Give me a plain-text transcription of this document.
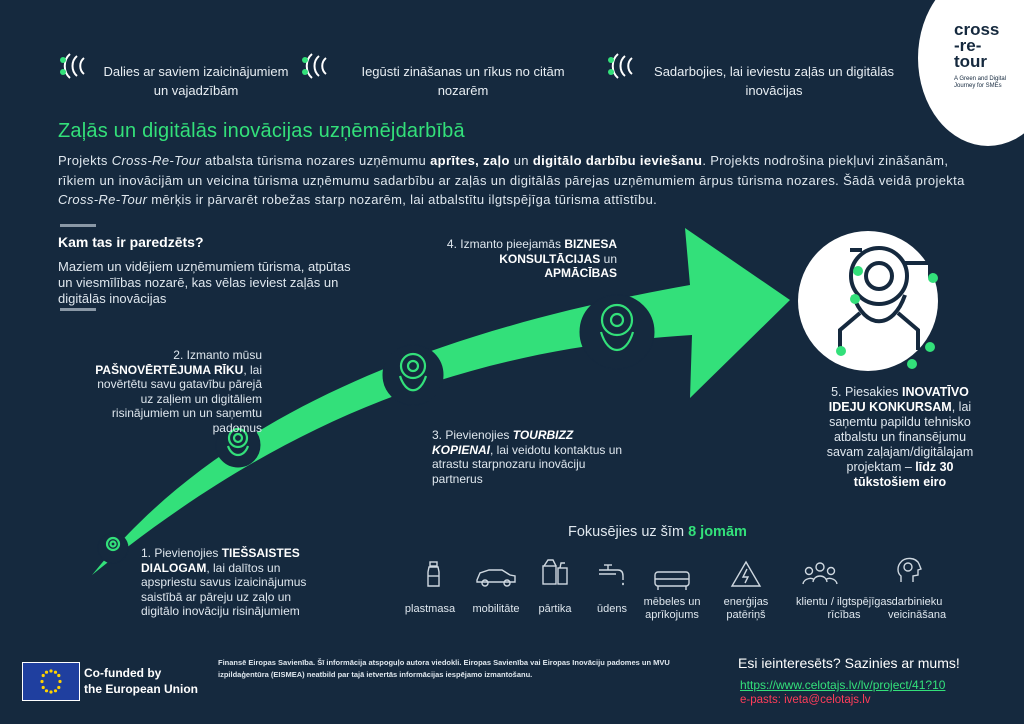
cross
-re-
tour
A Green and Digital
Journey for SMEs
Dalies ar saviem izaicinājumiem
un vajadzībām
Iegūsti zināšanas un rīkus no citām
nozarēm
Sadarbojies, lai ieviestu zaļās un digitālās
inovācijas
Zaļās un digitālās inovācijas uzņēmējdarbībā
Projekts Cross-Re-Tour atbalsta tūrisma nozares uzņēmumu aprītes, zaļo un digitālo darbību ieviešanu. Projekts nodrošina piekļuvi zināšanām, rīkiem un inovācijām un veicina tūrisma uzņēmumu sadarbību ar zaļās un digitālās pārejas uzņēmumiem ārpus tūrisma nozares. Šādā veidā projekta Cross-Re-Tour mērķis ir pārvarēt robežas starp nozarēm, lai atbalstītu ilgtspējīga tūrisma attīstību.
Kam tas ir paredzēts?
Maziem un vidējiem uzņēmumiem tūrisma, atpūtas un viesmīlības nozarē, kas vēlas ieviest zaļās un digitālās inovācijas
1. Pievienojies TIEŠSAISTES DIALOGAM, lai dalītos un apspriestu savus izaicinājumus saistībā ar pāreju uz zaļo un digitālo inovāciju risinājumiem
2. Izmanto mūsu PAŠNOVĒRTĒJUMA RĪKU, lai novērtētu savu gatavību pārejā uz zaļiem un digitāliem risinājumiem un un saņemtu padomus
3. Pievienojies TOURBIZZ KOPIENAI, lai veidotu kontaktus un atrastu starpnozaru inovāciju partnerus
4. Izmanto pieejamās BIZNESA KONSULTĀCIJAS un APMĀCĪBAS
5. Piesakies INOVATĪVO IDEJU KONKURSAM, lai saņemtu papildu tehnisko atbalstu un finansējumu savam zaļajam/digitālajam projektam – līdz 30 tūkstošiem eiro
Fokusējies uz šīm 8 jomām
plastmasa	mobilitāte	pārtika	ūdens
mēbeles un aprīkojums
enerģijas patēriņš
klientu / ilgtspējīgas rīcības
darbinieku veicināšana
Co-funded by
the European Union
Finansē Eiropas Savienība. Šī informācija atspoguļo autora viedokli. Eiropas Savienība vai Eiropas Inovāciju padomes un MVU izpildaģentūra (EISMEA) neatbild par tajā ietvertās informācijas iespējamo izmantošanu.
Esi ieinteresēts? Sazinies ar mums!
https://www.celotajs.lv/lv/project/41?10
e-pasts: iveta@celotajs.lv
